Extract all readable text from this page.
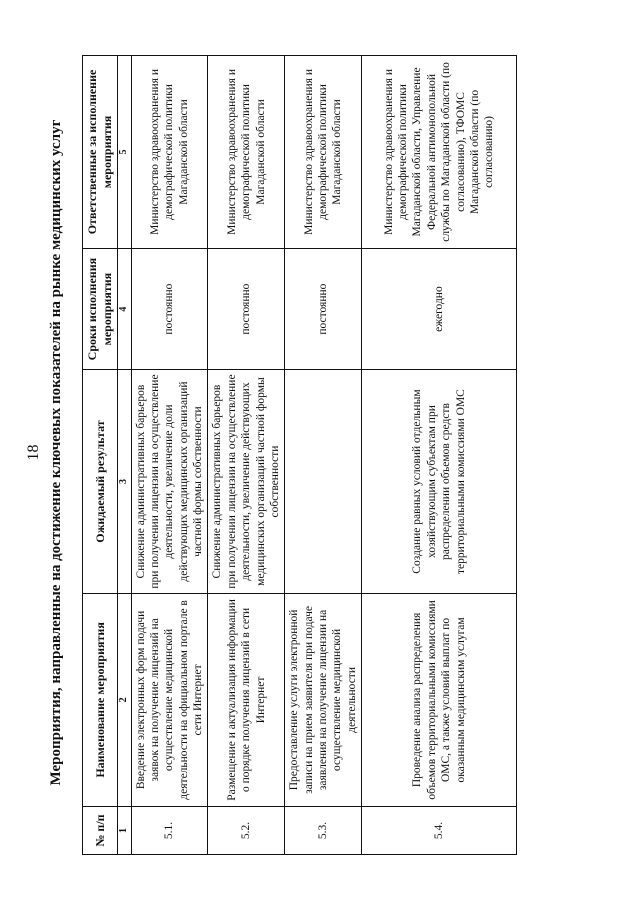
18 Мероприятия, направленные на достижение ключевых показателей на рынке медицинских услуг
№ п/п	Наименование мероприятия	Ожидаемый результат	Сроки исполнения мероприятия	Ответственные за исполнение мероприятия
1	2	3	4	5
5.1.	Введение электронных форм подачи заявок на получение лицензий на осуществление медицинской деятельности на официальном портале в сети Интернет	Снижение административных барьеров при получении лицензии на осуществление деятельности, увеличение доли действующих медицинских организаций частной формы собственности	постоянно	Министерство здравоохранения и демографической политики Магаданской области
5.2.	Размещение и актуализация информации о порядке получения лицензий в сети Интернет	Снижение административных барьеров при получении лицензии на осуществление деятельности, увеличение действующих медицинских организаций частной формы собственности	постоянно	Министерство здравоохранения и демографической политики Магаданской области
5.3.	Предоставление услуги электронной записи на прием заявителя при подаче заявления на получение лицензии на осуществление медицинской деятельности		постоянно	Министерство здравоохранения и демографической политики Магаданской области
5.4.	Проведение анализа распределения объемов территориальными комиссиями ОМС, а также условий выплат по оказанным медицинским услугам	Создание равных условий отдельным хозяйствующим субъектам при распределении объемов средств территориальными комиссиями ОМС	ежегодно	Министерство здравоохранения и демографической политики Магаданской области, Управление Федеральной антимонопольной службы по Магаданской области (по согласованию), ТФОМС Магаданской области (по согласованию)
